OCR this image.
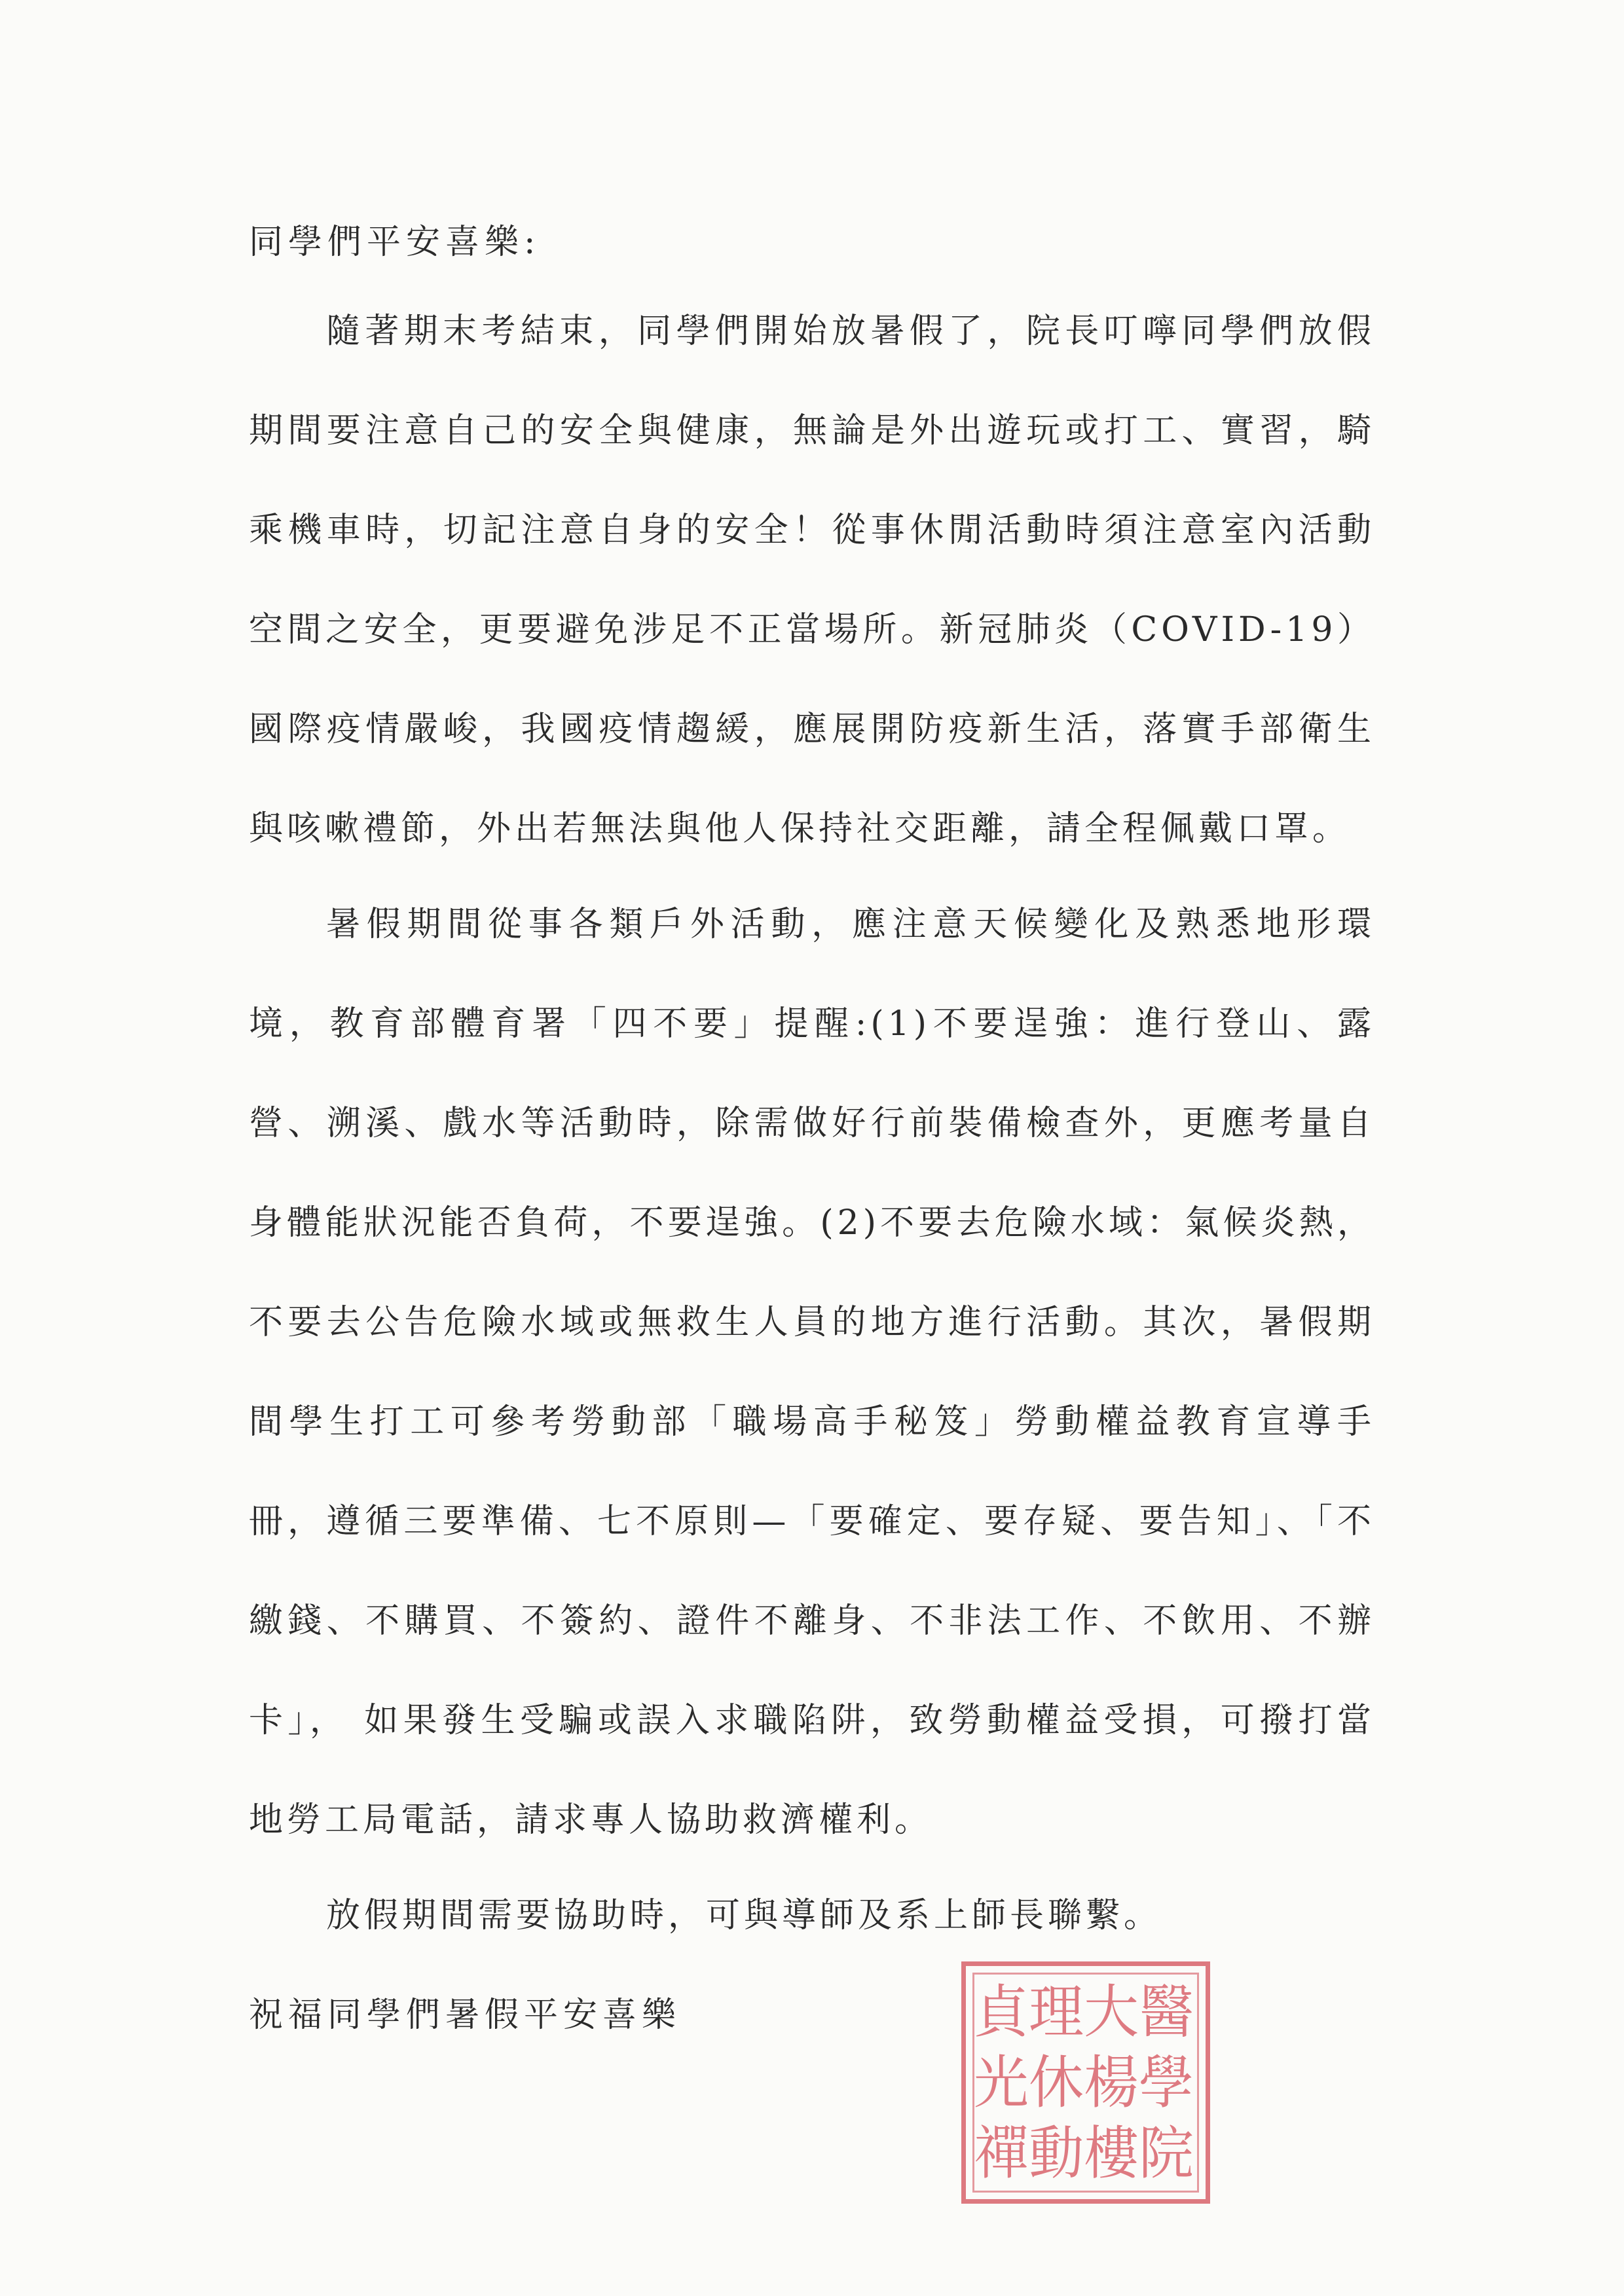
同學們平安喜樂:

隨著期末考結束，同學們開始放暑假了，院長叮嚀同學們放假期間要注意自己的安全與健康，無論是外出遊玩或打工、實習，騎乘機車時，切記注意自身的安全！從事休閒活動時須注意室內活動空間之安全，更要避免涉足不正當場所。新冠肺炎（COVID-19）國際疫情嚴峻，我國疫情趨緩，應展開防疫新生活，落實手部衛生與咳嗽禮節，外出若無法與他人保持社交距離，請全程佩戴口罩。

暑假期間從事各類戶外活動，應注意天候變化及熟悉地形環境，教育部體育署「四不要」提醒:(1)不要逞強：進行登山、露營、溯溪、戲水等活動時，除需做好行前裝備檢查外，更應考量自身體能狀況能否負荷，不要逞強。(2)不要去危險水域：氣候炎熱，不要去公告危險水域或無救生人員的地方進行活動。其次，暑假期間學生打工可參考勞動部「職場高手秘笈」勞動權益教育宣導手冊，遵循三要準備、七不原則—「要確定、要存疑、要告知」、「不繳錢、不購買、不簽約、證件不離身、不非法工作、不飲用、不辦卡」， 如果發生受騙或誤入求職陷阱，致勞動權益受損，可撥打當地勞工局電話，請求專人協助救濟權利。

放假期間需要協助時，可與導師及系上師長聯繫。

祝福同學們暑假平安喜樂	醫
學
院
大
楊
樓
理
休
動
貞
光
禪
